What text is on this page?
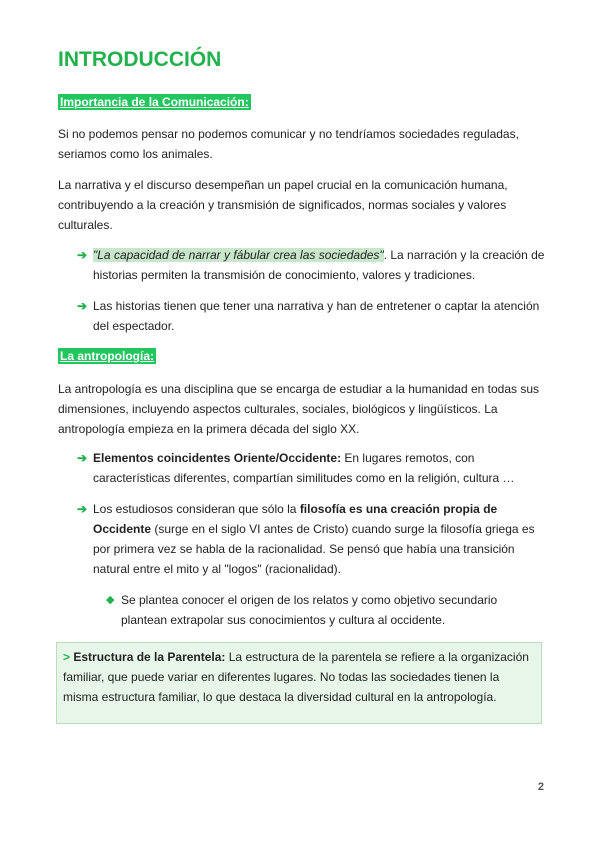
INTRODUCCIÓN
Importancia de la Comunicación:

Si no podemos pensar no podemos comunicar y no tendríamos sociedades reguladas, seriamos como los animales.

La narrativa y el discurso desempeñan un papel crucial en la comunicación humana, contribuyendo a la creación y transmisión de significados, normas sociales y valores culturales.

➔ "La capacidad de narrar y fábular crea las sociedades". La narración y la creación de historias permiten la transmisión de conocimiento, valores y tradiciones.
➔ Las historias tienen que tener una narrativa y han de entretener o captar la atención del espectador.
La antropología:

La antropología es una disciplina que se encarga de estudiar a la humanidad en todas sus dimensiones, incluyendo aspectos culturales, sociales, biológicos y lingüísticos. La antropología empieza en la primera década del siglo XX.

➔ Elementos coincidentes Oriente/Occidente: En lugares remotos, con características diferentes, compartían similitudes como en la religión, cultura …
➔ Los estudiosos consideran que sólo la filosofía es una creación propia de Occidente (surge en el siglo VI antes de Cristo) cuando surge la filosofía griega es por primera vez se habla de la racionalidad. Se pensó que había una transición natural entre el mito y al "logos" (racionalidad).
◆ Se plantea conocer el origen de los relatos y como objetivo secundario plantean extrapolar sus conocimientos y cultura al occidente.
> Estructura de la Parentela: La estructura de la parentela se refiere a la organización familiar, que puede variar en diferentes lugares. No todas las sociedades tienen la misma estructura familiar, lo que destaca la diversidad cultural en la antropología.
2
